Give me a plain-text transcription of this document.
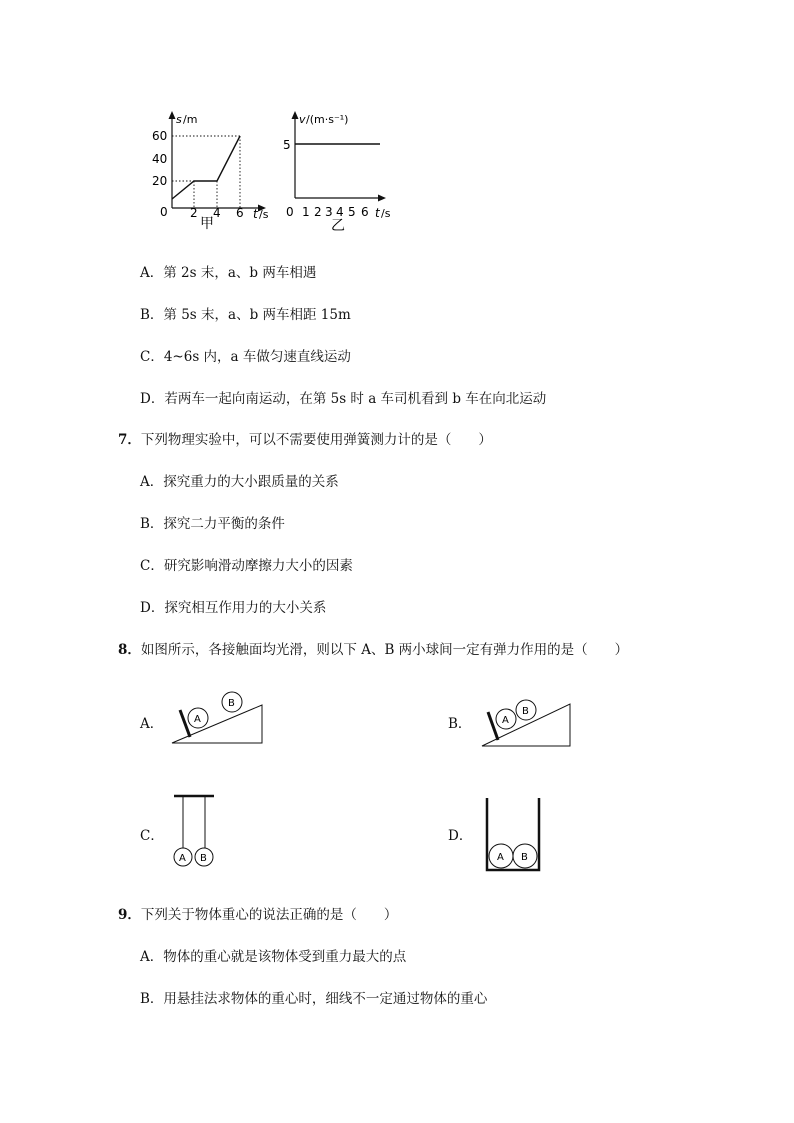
s /m
60
40
20
0 2 4 6 t /s
甲
v /(m·s⁻¹)
5
0 1 2 3 4 5 6 t /s
乙
A．第 2s 末，a、b 两车相遇
B．第 5s 末，a、b 两车相距 15m
C．4~6s 内，a 车做匀速直线运动
D．若两车一起向南运动，在第 5s 时 a 车司机看到 b 车在向北运动
7．下列物理实验中，可以不需要使用弹簧测力计的是（　　）
A．探究重力的大小跟质量的关系
B．探究二力平衡的条件
C．研究影响滑动摩擦力大小的因素
D．探究相互作用力的大小关系
8．如图所示，各接触面均光滑，则以下 A、B 两小球间一定有弹力作用的是（　　）
A．	B．
C．	D．
A
B
A
B
A B	A B
9．下列关于物体重心的说法正确的是（　　）
A．物体的重心就是该物体受到重力最大的点
B．用悬挂法求物体的重心时，细线不一定通过物体的重心
